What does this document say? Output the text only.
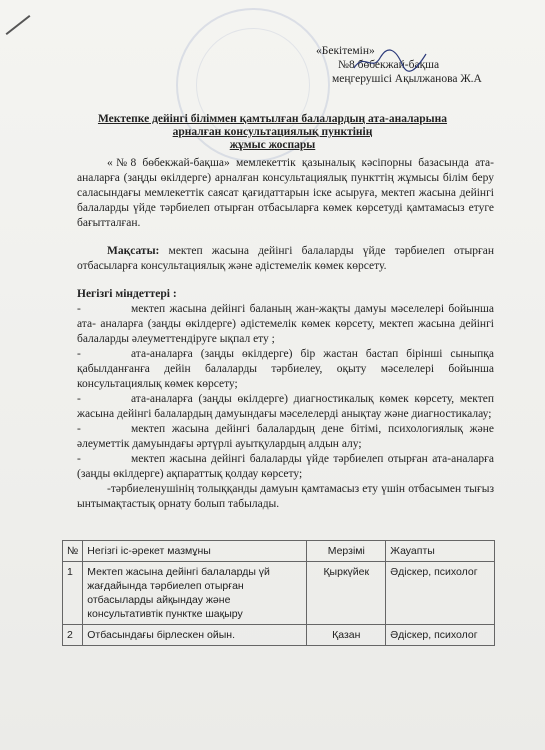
«Бекітемін»
№8 бөбекжай-бақша
меңгерушісі Ақылжанова Ж.А
Мектепке дейінгі біліммен қамтылған балалардың ата-аналарына
арналған консультациялық пунктінің
жұмыс жоспары

«№8 бөбекжай-бақша» мемлекеттік қазыналық кәсіпорны базасында ата-аналарға (заңды өкілдерге) арналған консультациялық пункттің жұмысы білім беру саласындағы мемлекеттік саясат қағидаттарын іске асыруға, мектеп жасына дейінгі балаларды үйде тәрбиелеп отырған отбасыларға көмек көрсетуді қамтамасыз етуге бағытталған.

Мақсаты: мектеп жасына дейінгі балаларды үйде тәрбиелеп отырған отбасыларға консультациялық және әдістемелік көмек көрсету.

Негізгі міндеттері :

-	мектеп жасына дейінгі баланың жан-жақты дамуы мәселелері бойынша ата- аналарға (заңды өкілдерге) әдістемелік көмек көрсету, мектеп жасына дейінгі балаларды әлеуметтендіруге ықпал ету ;

-	ата-аналарға (заңды өкілдерге) бір жастан бастап бірінші сыныпқа қабылданғанға дейін балаларды тәрбиелеу, оқыту мәселелері бойынша консультациялық көмек көрсету;

-	ата-аналарға (заңды өкілдерге) диагностикалық көмек көрсету, мектеп жасына дейінгі балалардың дамуындағы мәселелерді анықтау және диагностикалау;

-	мектеп жасына дейінгі балалардың дене бітімі, психологиялық және әлеуметтік дамуындағы әртүрлі ауытқулардың алдын алу;

-	мектеп жасына дейінгі балаларды үйде тәрбиелеп отырған ата-аналарға (заңды өкілдерге) ақпараттық қолдау көрсету;

-тәрбиеленушінің толыққанды дамуын қамтамасыз ету үшін отбасымен тығыз ынтымақтастық орнату болып табылады.

№	Негізгі іс-әрекет мазмұны	Мерзімі	Жауапты
1	Мектеп жасына дейінгі балаларды үй жағдайында тәрбиелеп отырған отбасыларды айқындау және консультативтік пунктке шақыру	Қыркүйек	Әдіскер, психолог
2	Отбасындағы бірлескен ойын.	Қазан	Әдіскер, психолог
